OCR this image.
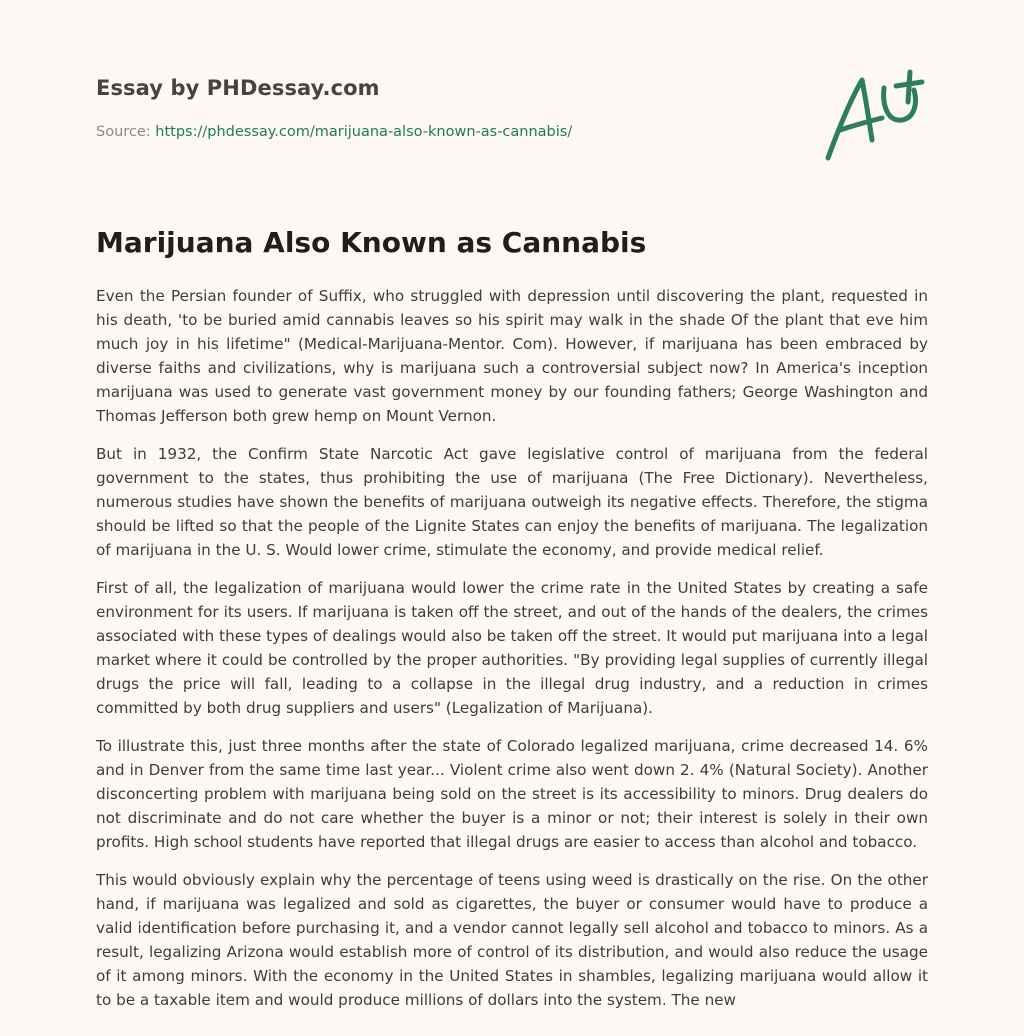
Essay by PHDessay.com
Source: https://phdessay.com/marijuana-also-known-as-cannabis/
Marijuana Also Known as Cannabis

Even the Persian founder of Suffix, who struggled with depression until discovering the plant, requested in his death, 'to be buried amid cannabis leaves so his spirit may walk in the shade Of the plant that eve him much joy in his lifetime" (Medical-Marijuana-Mentor. Com). However, if marijuana has been embraced by diverse faiths and civilizations, why is marijuana such a controversial subject now? In America's inception marijuana was used to generate vast government money by our founding fathers; George Washington and Thomas Jefferson both grew hemp on Mount Vernon.

But in 1932, the Confirm State Narcotic Act gave legislative control of marijuana from the federal government to the states, thus prohibiting the use of marijuana (The Free Dictionary). Nevertheless, numerous studies have shown the benefits of marijuana outweigh its negative effects. Therefore, the stigma should be lifted so that the people of the Lignite States can enjoy the benefits of marijuana. The legalization of marijuana in the U. S. Would lower crime, stimulate the economy, and provide medical relief.

First of all, the legalization of marijuana would lower the crime rate in the United States by creating a safe environment for its users. If marijuana is taken off the street, and out of the hands of the dealers, the crimes associated with these types of dealings would also be taken off the street. It would put marijuana into a legal market where it could be controlled by the proper authorities. "By providing legal supplies of currently illegal drugs the price will fall, leading to a collapse in the illegal drug industry, and a reduction in crimes committed by both drug suppliers and users" (Legalization of Marijuana).

To illustrate this, just three months after the state of Colorado legalized marijuana, crime decreased 14. 6% and in Denver from the same time last year... Violent crime also went down 2. 4% (Natural Society). Another disconcerting problem with marijuana being sold on the street is its accessibility to minors. Drug dealers do not discriminate and do not care whether the buyer is a minor or not; their interest is solely in their own profits. High school students have reported that illegal drugs are easier to access than alcohol and tobacco.

This would obviously explain why the percentage of teens using weed is drastically on the rise. On the other hand, if marijuana was legalized and sold as cigarettes, the buyer or consumer would have to produce a valid identification before purchasing it, and a vendor cannot legally sell alcohol and tobacco to minors. As a result, legalizing Arizona would establish more of control of its distribution, and would also reduce the usage of it among minors. With the economy in the United States in shambles, legalizing marijuana would allow it to be a taxable item and would produce millions of dollars into the system. The new
